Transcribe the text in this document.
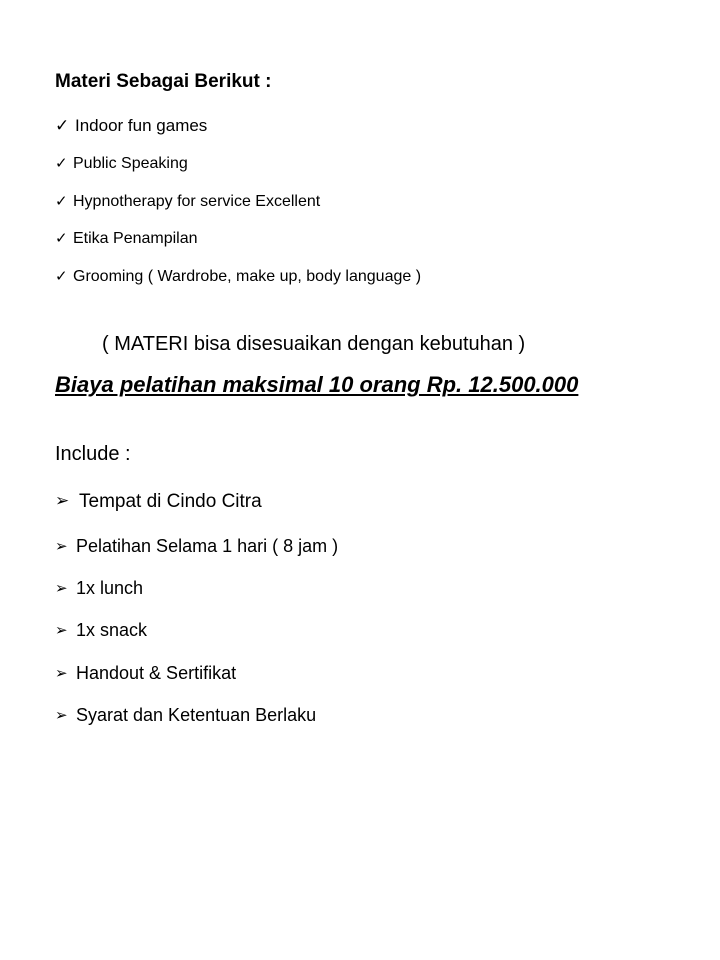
Materi Sebagai Berikut :
✓ Indoor fun games
✓ Public Speaking
✓ Hypnotherapy for service Excellent
✓ Etika Penampilan
✓ Grooming ( Wardrobe, make up, body language )

( MATERI bisa disesuaikan dengan kebutuhan )

Biaya pelatihan maksimal 10 orang Rp. 12.500.000

Include :

➢ Tempat di Cindo Citra
➢ Pelatihan Selama 1 hari ( 8 jam )
➢ 1x lunch
➢ 1x snack
➢ Handout & Sertifikat
➢ Syarat dan Ketentuan Berlaku
